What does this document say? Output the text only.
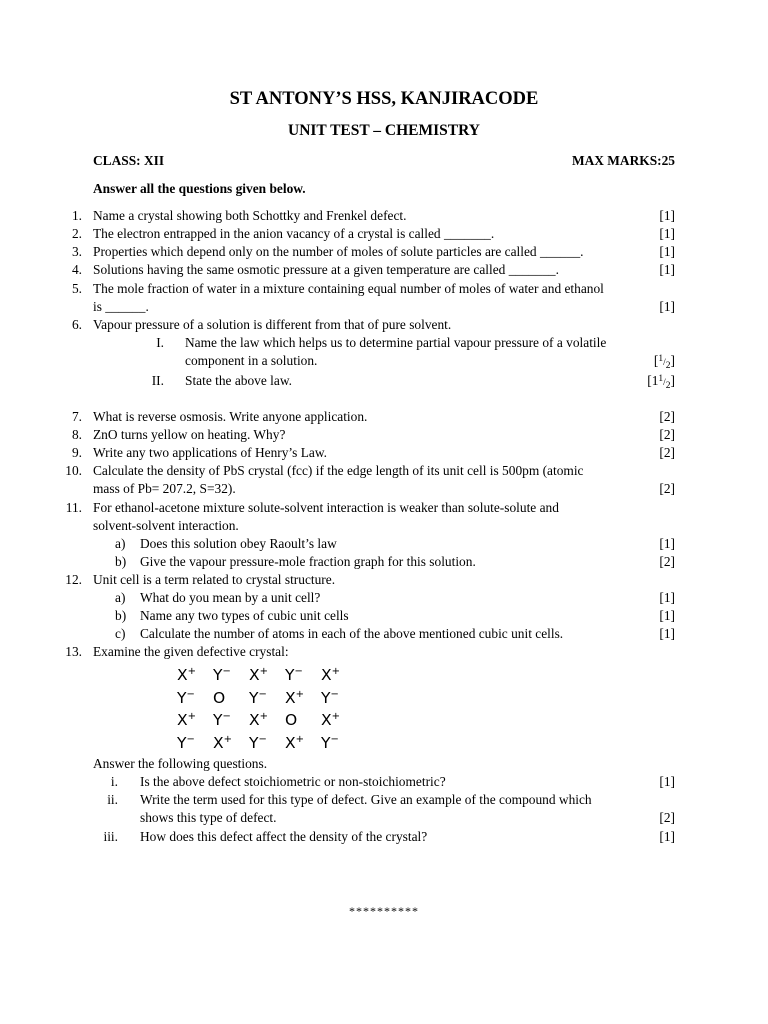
ST ANTONY’S HSS, KANJIRACODE
UNIT TEST – CHEMISTRY
CLASS: XII	MAX MARKS:25
Answer all the questions given below.
1. Name a crystal showing both Schottky and Frenkel defect.	[1]
2. The electron entrapped in the anion vacancy of a crystal is called _______.	[1]
3. Properties which depend only on the number of moles of solute particles are called ______.	[1]
4. Solutions having the same osmotic pressure at a given temperature are called _______.	[1]
5. The mole fraction of water in a mixture containing equal number of moles of water and ethanol
is ______.	[1]
6. Vapour pressure of a solution is different from that of pure solvent.
I. Name the law which helps us to determine partial vapour pressure of a volatile
component in a solution.	$[^1/_2]$
II. State the above law.	$[1^1/_2]$
7. What is reverse osmosis. Write anyone application.	[2]
8. ZnO turns yellow on heating. Why?	[2]
9. Write any two applications of Henry’s Law.	[2]
10. Calculate the density of PbS crystal (fcc) if the edge length of its unit cell is 500pm (atomic
mass of Pb= 207.2, S=32).	[2]
11. For ethanol-acetone mixture solute-solvent interaction is weaker than solute-solute and
solvent-solvent interaction.
a) Does this solution obey Raoult’s law	[1]
b) Give the vapour pressure-mole fraction graph for this solution.	[2]
12. Unit cell is a term related to crystal structure.
a) What do you mean by a unit cell?	[1]
b) Name any two types of cubic unit cells	[1]
c) Calculate the number of atoms in each of the above mentioned cubic unit cells.	[1]
13. Examine the given defective crystal:
X+	Y−	X+	Y−	X+
Y−	O	Y−	X+	Y−
X+	Y−	X+	O	X+
Y−	X+	Y−	X+	Y−
Answer the following questions.
i. Is the above defect stoichiometric or non-stoichiometric?	[1]
ii. Write the term used for this type of defect. Give an example of the compound which
shows this type of defect.	[2]
iii. How does this defect affect the density of the crystal?	[1]
**********
